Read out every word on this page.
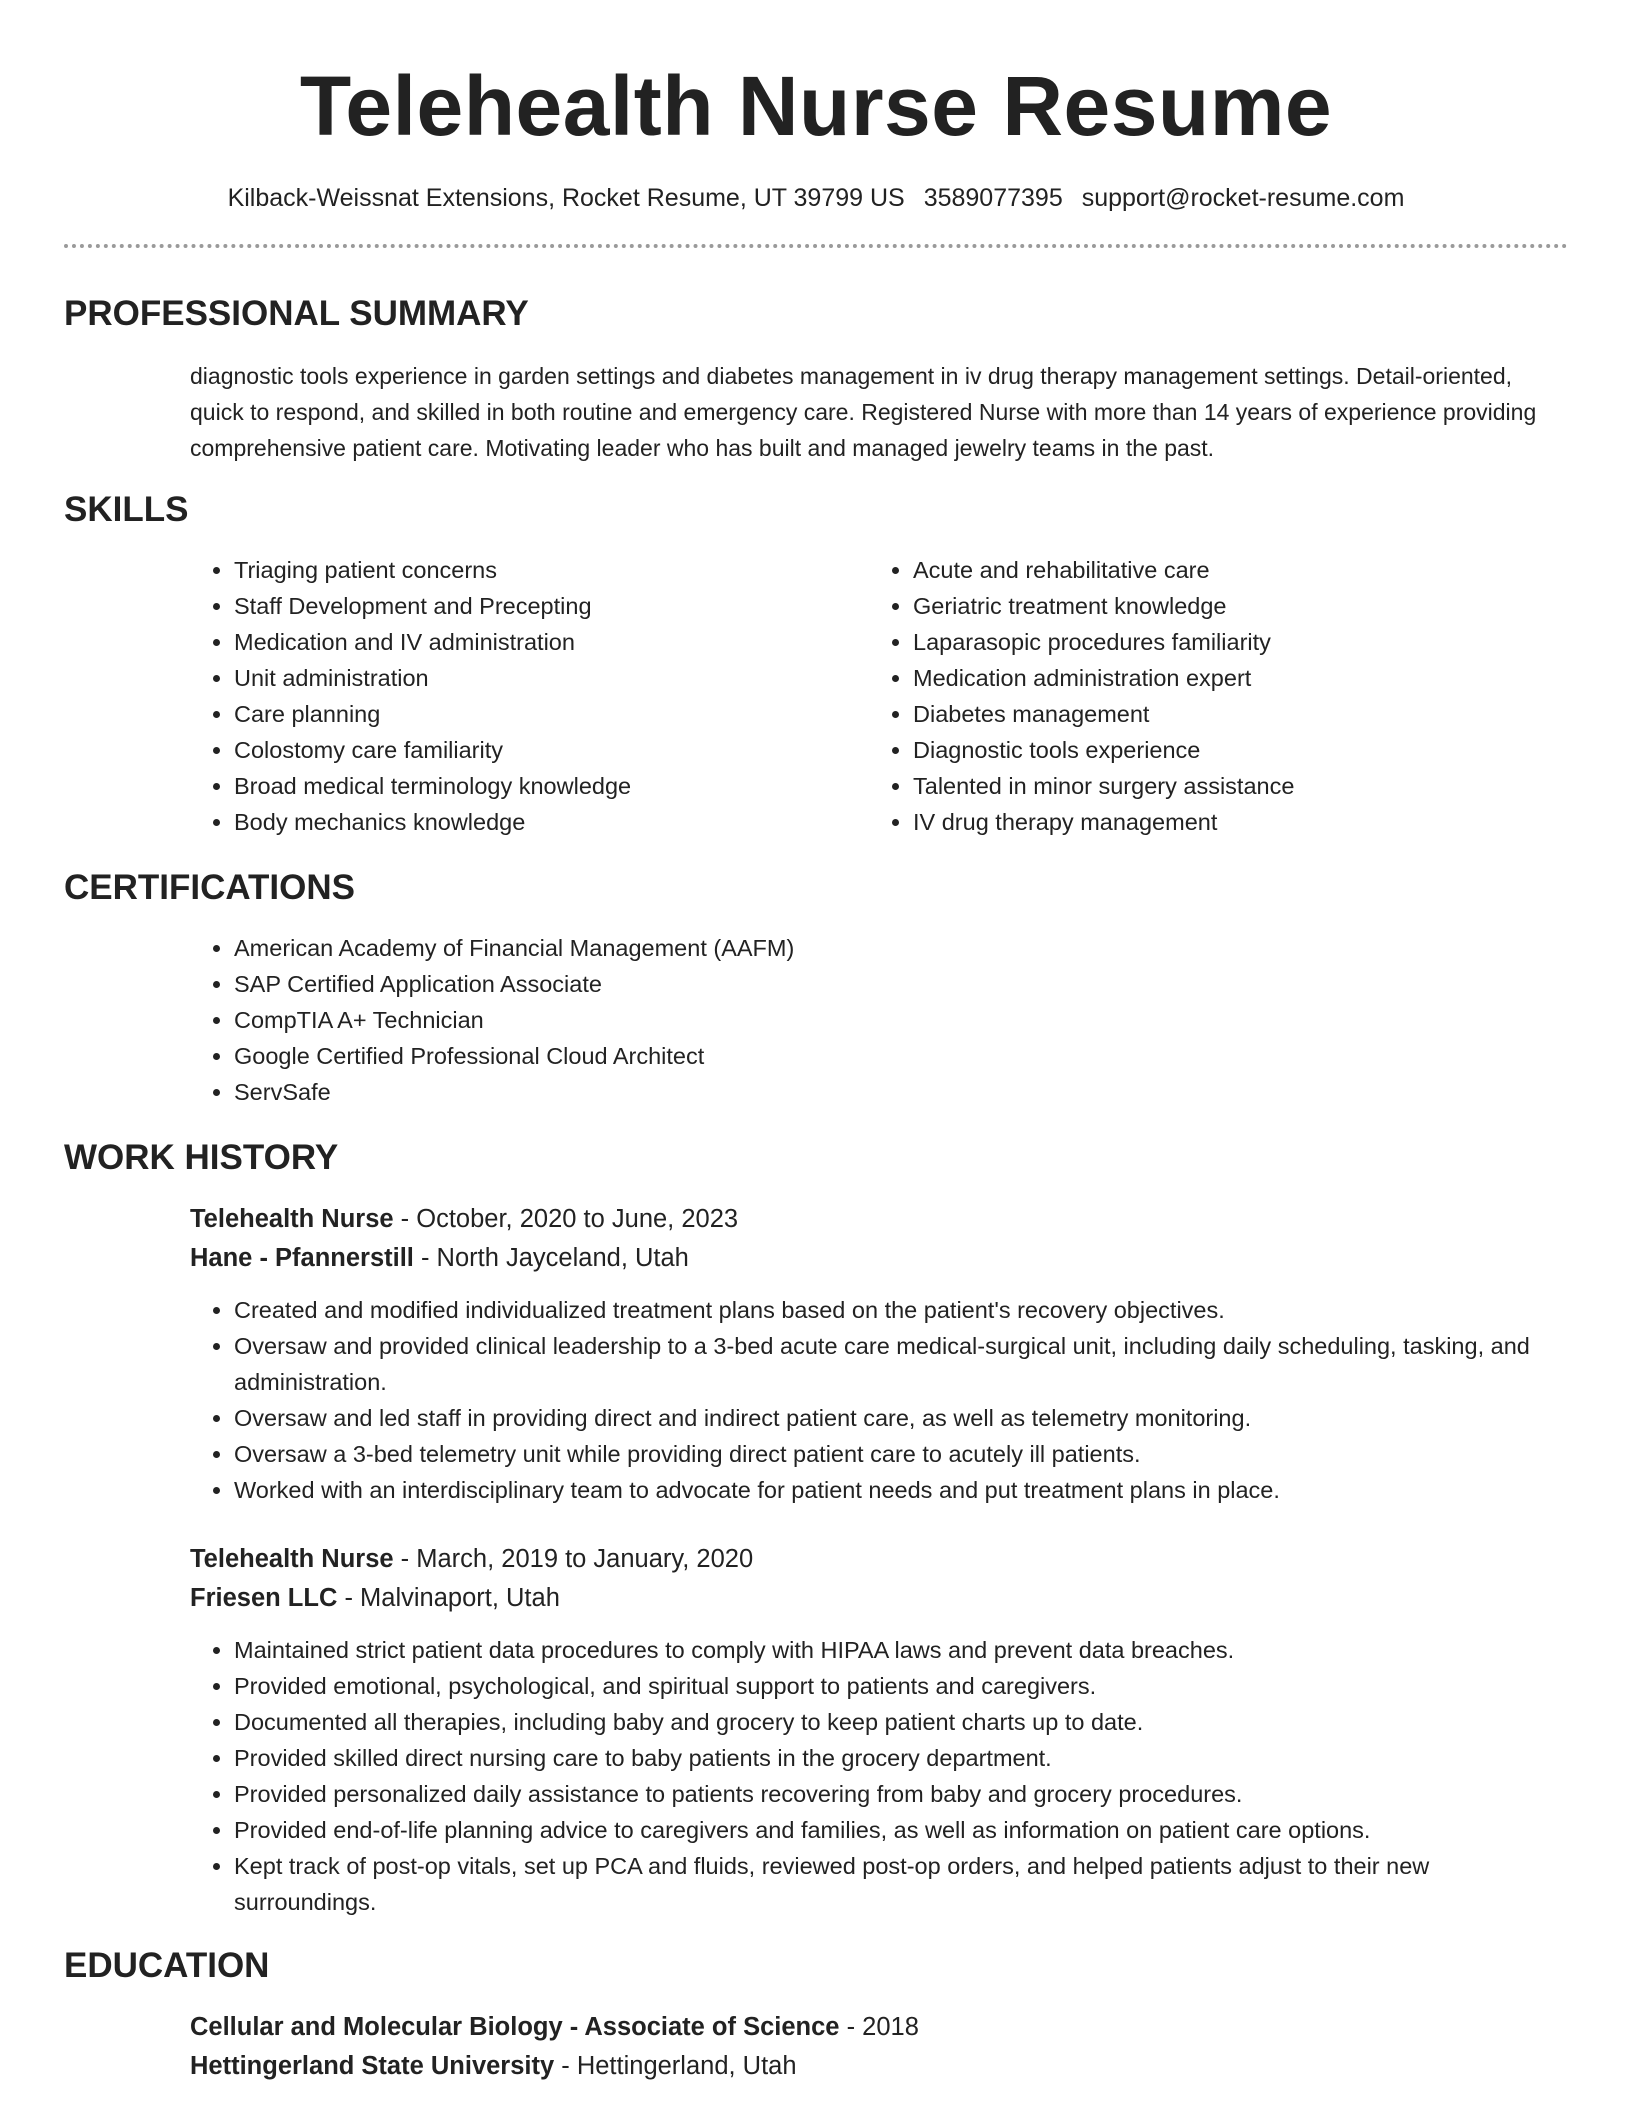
Telehealth Nurse Resume
Kilback-Weissnat Extensions, Rocket Resume, UT 39799 US 3589077395 support@rocket-resume.com
PROFESSIONAL SUMMARY
diagnostic tools experience in garden settings and diabetes management in iv drug therapy management settings. Detail-oriented, quick to respond, and skilled in both routine and emergency care. Registered Nurse with more than 14 years of experience providing comprehensive patient care. Motivating leader who has built and managed jewelry teams in the past.
SKILLS
• Triaging patient concerns
• Staff Development and Precepting
• Medication and IV administration
• Unit administration
• Care planning
• Colostomy care familiarity
• Broad medical terminology knowledge
• Body mechanics knowledge
• Acute and rehabilitative care
• Geriatric treatment knowledge
• Laparasopic procedures familiarity
• Medication administration expert
• Diabetes management
• Diagnostic tools experience
• Talented in minor surgery assistance
• IV drug therapy management
CERTIFICATIONS
• American Academy of Financial Management (AAFM)
• SAP Certified Application Associate
• CompTIA A+ Technician
• Google Certified Professional Cloud Architect
• ServSafe
WORK HISTORY
Telehealth Nurse - October, 2020 to June, 2023
Hane - Pfannerstill - North Jayceland, Utah
• Created and modified individualized treatment plans based on the patient's recovery objectives.
• Oversaw and provided clinical leadership to a 3-bed acute care medical-surgical unit, including daily scheduling, tasking, and administration.
• Oversaw and led staff in providing direct and indirect patient care, as well as telemetry monitoring.
• Oversaw a 3-bed telemetry unit while providing direct patient care to acutely ill patients.
• Worked with an interdisciplinary team to advocate for patient needs and put treatment plans in place.
Telehealth Nurse - March, 2019 to January, 2020
Friesen LLC - Malvinaport, Utah
• Maintained strict patient data procedures to comply with HIPAA laws and prevent data breaches.
• Provided emotional, psychological, and spiritual support to patients and caregivers.
• Documented all therapies, including baby and grocery to keep patient charts up to date.
• Provided skilled direct nursing care to baby patients in the grocery department.
• Provided personalized daily assistance to patients recovering from baby and grocery procedures.
• Provided end-of-life planning advice to caregivers and families, as well as information on patient care options.
• Kept track of post-op vitals, set up PCA and fluids, reviewed post-op orders, and helped patients adjust to their new surroundings.
EDUCATION
Cellular and Molecular Biology - Associate of Science - 2018
Hettingerland State University - Hettingerland, Utah
